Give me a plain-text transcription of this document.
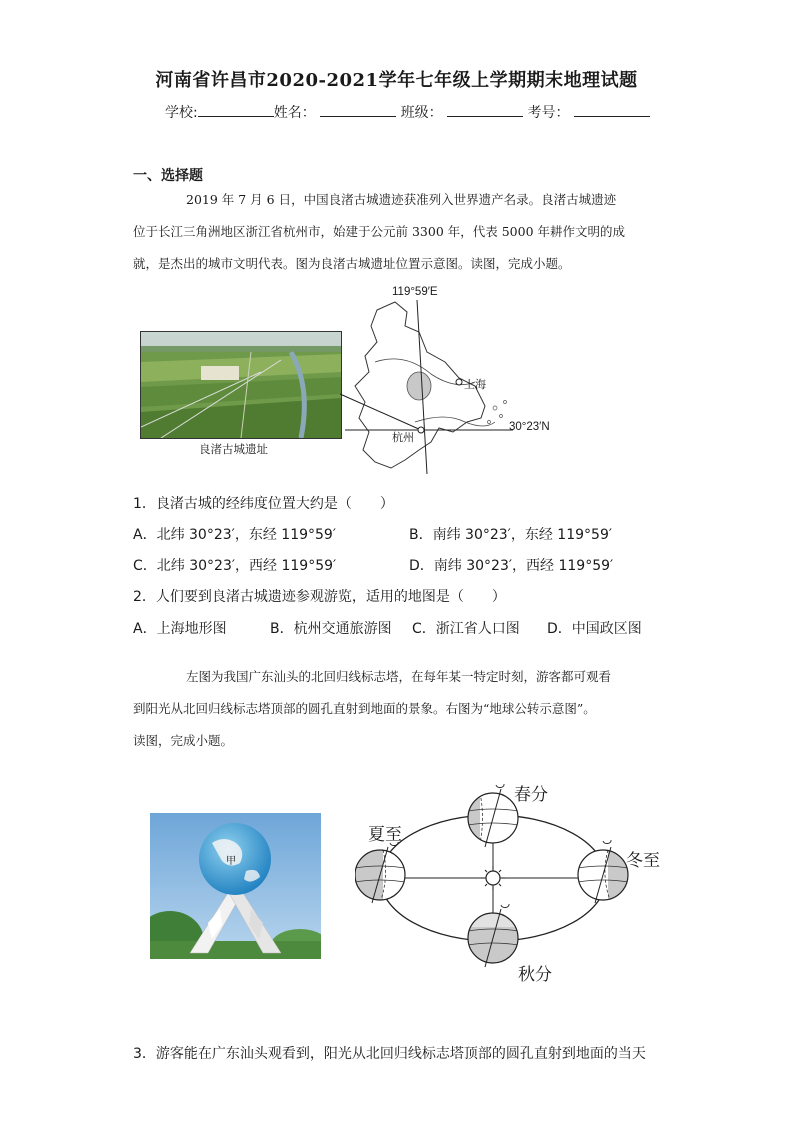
河南省许昌市2020-2021学年七年级上学期期末地理试题
学校:	姓名：	班级：	考号：
一、选择题
2019 年 7 月 6 日，中国良渚古城遗迹获准列入世界遗产名录。良渚古城遗迹
位于长江三角洲地区浙江省杭州市，始建于公元前 3300 年，代表 5000 年耕作文明的成
就，是杰出的城市文明代表。图为良渚古城遗址位置示意图。读图，完成小题。
良渚古城遗址
119°59′E
30°23′N
上海
杭州
1．良渚古城的经纬度位置大约是（　　）
A．北纬 30°23′，东经 119°59′	B．南纬 30°23′，东经 119°59′
C．北纬 30°23′，西经 119°59′	D．南纬 30°23′，西经 119°59′
2．人们要到良渚古城遗迹参观游览，适用的地图是（　　）
A．上海地形图	B．杭州交通旅游图 C．浙江省人口图 D．中国政区图
左图为我国广东汕头的北回归线标志塔，在每年某一特定时刻，游客都可观看
到阳光从北回归线标志塔顶部的圆孔直射到地面的景象。右图为“地球公转示意图”。
读图，完成小题。
甲
春分
夏至
冬至
秋分
3．游客能在广东汕头观看到，阳光从北回归线标志塔顶部的圆孔直射到地面的当天
